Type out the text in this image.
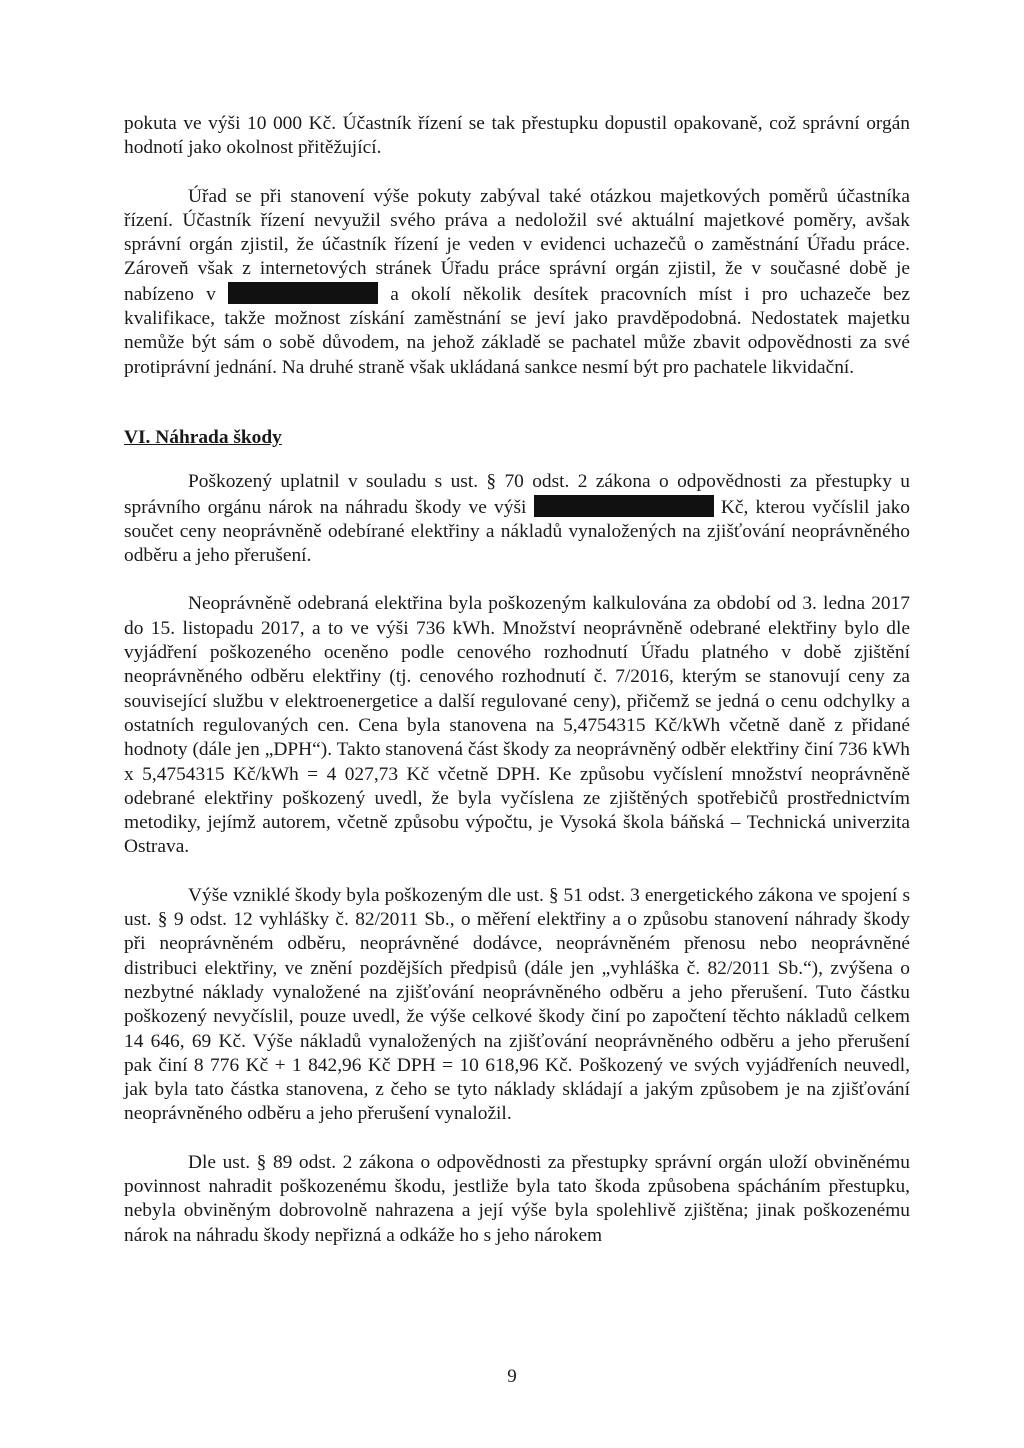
pokuta ve výši 10 000 Kč. Účastník řízení se tak přestupku dopustil opakovaně, což správní orgán hodnotí jako okolnost přitěžující.

Úřad se při stanovení výše pokuty zabýval také otázkou majetkových poměrů účastníka řízení. Účastník řízení nevyužil svého práva a nedoložil své aktuální majetkové poměry, avšak správní orgán zjistil, že účastník řízení je veden v evidenci uchazečů o zaměstnání Úřadu práce. Zároveň však z internetových stránek Úřadu práce správní orgán zjistil, že v současné době je nabízeno v	a okolí několik desítek pracovních míst i pro uchazeče bez kvalifikace, takže možnost získání zaměstnání se jeví jako pravděpodobná. Nedostatek majetku nemůže být sám o sobě důvodem, na jehož základě se pachatel může zbavit odpovědnosti za své protiprávní jednání. Na druhé straně však ukládaná sankce nesmí být pro pachatele likvidační.

VI. Náhrada škody

Poškozený uplatnil v souladu s ust. § 70 odst. 2 zákona o odpovědnosti za přestupky u správního orgánu nárok na náhradu škody ve výši	Kč, kterou vyčíslil jako součet ceny neoprávněně odebírané elektřiny a nákladů vynaložených na zjišťování neoprávněného odběru a jeho přerušení.

Neoprávněně odebraná elektřina byla poškozeným kalkulována za období od 3. ledna 2017 do 15. listopadu 2017, a to ve výši 736 kWh. Množství neoprávněně odebrané elektřiny bylo dle vyjádření poškozeného oceněno podle cenového rozhodnutí Úřadu platného v době zjištění neoprávněného odběru elektřiny (tj. cenového rozhodnutí č. 7/2016, kterým se stanovují ceny za související službu v elektroenergetice a další regulované ceny), přičemž se jedná o cenu odchylky a ostatních regulovaných cen. Cena byla stanovena na 5,4754315 Kč/kWh včetně daně z přidané hodnoty (dále jen „DPH“). Takto stanovená část škody za neoprávněný odběr elektřiny činí 736 kWh x 5,4754315 Kč/kWh = 4 027,73 Kč včetně DPH. Ke způsobu vyčíslení množství neoprávněně odebrané elektřiny poškozený uvedl, že byla vyčíslena ze zjištěných spotřebičů prostřednictvím metodiky, jejímž autorem, včetně způsobu výpočtu, je Vysoká škola báňská – Technická univerzita Ostrava.

Výše vzniklé škody byla poškozeným dle ust. § 51 odst. 3 energetického zákona ve spojení s ust. § 9 odst. 12 vyhlášky č. 82/2011 Sb., o měření elektřiny a o způsobu stanovení náhrady škody při neoprávněném odběru, neoprávněné dodávce, neoprávněném přenosu nebo neoprávněné distribuci elektřiny, ve znění pozdějších předpisů (dále jen „vyhláška č. 82/2011 Sb.“), zvýšena o nezbytné náklady vynaložené na zjišťování neoprávněného odběru a jeho přerušení. Tuto částku poškozený nevyčíslil, pouze uvedl, že výše celkové škody činí po započtení těchto nákladů celkem 14 646, 69 Kč. Výše nákladů vynaložených na zjišťování neoprávněného odběru a jeho přerušení pak činí 8 776 Kč + 1 842,96 Kč DPH = 10 618,96 Kč. Poškozený ve svých vyjádřeních neuvedl, jak byla tato částka stanovena, z čeho se tyto náklady skládají a jakým způsobem je na zjišťování neoprávněného odběru a jeho přerušení vynaložil.

Dle ust. § 89 odst. 2 zákona o odpovědnosti za přestupky správní orgán uloží obviněnému povinnost nahradit poškozenému škodu, jestliže byla tato škoda způsobena spácháním přestupku, nebyla obviněným dobrovolně nahrazena a její výše byla spolehlivě zjištěna; jinak poškozenému nárok na náhradu škody nepřizná a odkáže ho s jeho nárokem

9
